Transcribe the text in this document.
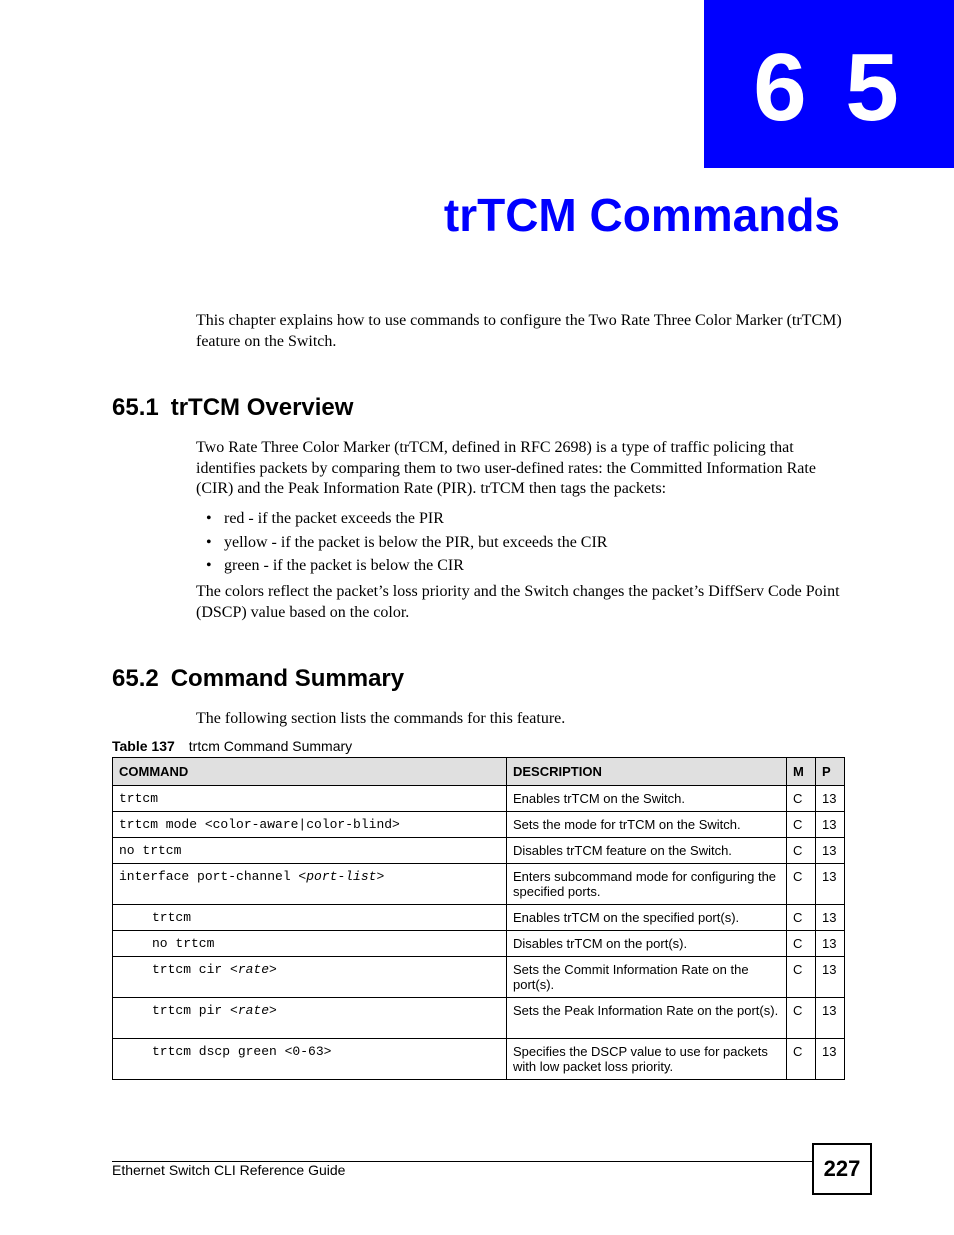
6 5
trTCM Commands
This chapter explains how to use commands to configure the Two Rate Three Color Marker (trTCM) feature on the Switch.
65.1 trTCM Overview
Two Rate Three Color Marker (trTCM, defined in RFC 2698) is a type of traffic policing that identifies packets by comparing them to two user-defined rates: the Committed Information Rate (CIR) and the Peak Information Rate (PIR). trTCM then tags the packets:
• red - if the packet exceeds the PIR
• yellow - if the packet is below the PIR, but exceeds the CIR
• green - if the packet is below the CIR
The colors reflect the packet’s loss priority and the Switch changes the packet’s DiffServ Code Point (DSCP) value based on the color.
65.2 Command Summary
The following section lists the commands for this feature.
Table 137 trtcm Command Summary
COMMAND	DESCRIPTION	M	P
trtcm	Enables trTCM on the Switch.	C	13
trtcm mode <color-aware|color-blind>	Sets the mode for trTCM on the Switch.	C	13
no trtcm	Disables trTCM feature on the Switch.	C	13
interface port-channel <port-list>	Enters subcommand mode for configuring the specified ports.	C	13
trtcm	Enables trTCM on the specified port(s).	C	13
no trtcm	Disables trTCM on the port(s).	C	13
trtcm cir <rate>	Sets the Commit Information Rate on the port(s).	C	13
trtcm pir <rate>	Sets the Peak Information Rate on the port(s).	C	13
trtcm dscp green <0-63>	Specifies the DSCP value to use for packets with low packet loss priority.	C	13
Ethernet Switch CLI Reference Guide	227
